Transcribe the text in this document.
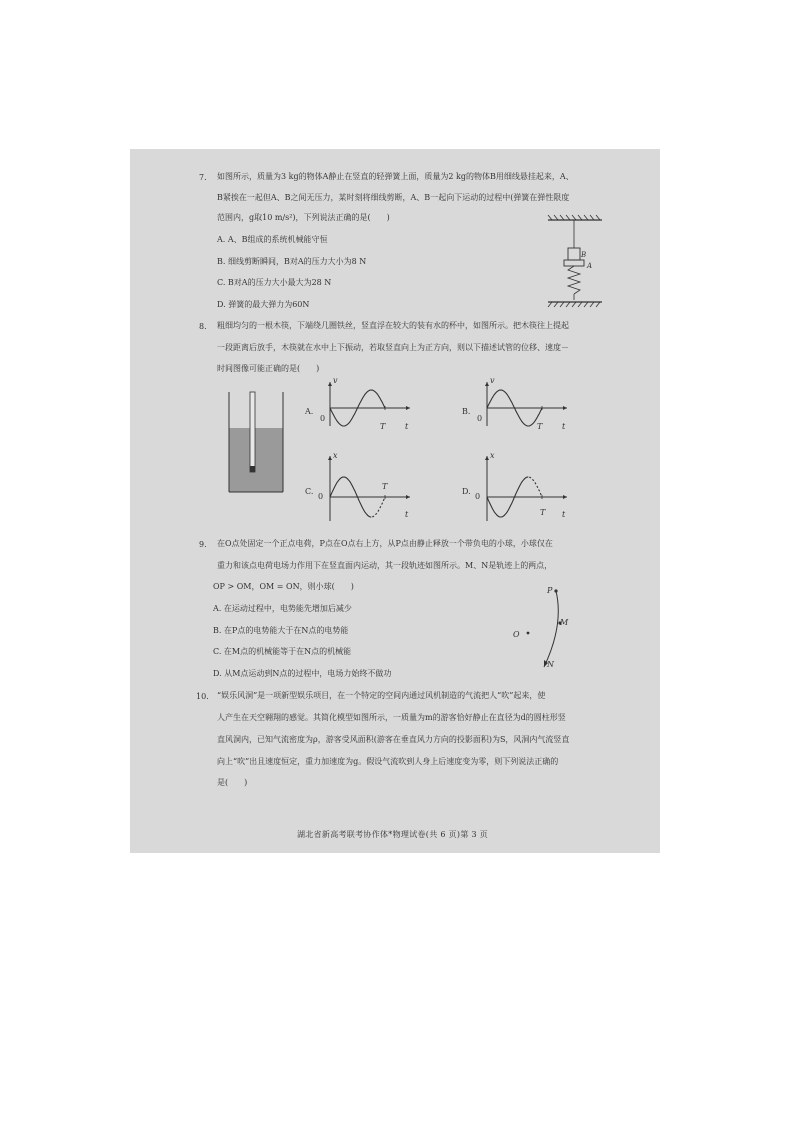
7. 如图所示，质量为3 kg的物体A静止在竖直的轻弹簧上面，质量为2 kg的物体B用细线悬挂起来，A、
B紧挨在一起但A、B之间无压力，某时刻将细线剪断，A、B一起向下运动的过程中(弹簧在弹性限度
范围内，g取10 m/s²)，下列说法正确的是(　　)
A. A、B组成的系统机械能守恒
B. 细线剪断瞬间，B对A的压力大小为8 N
C. B对A的压力大小最大为28 N
D. 弹簧的最大弹力为60N
B
A
8. 粗细均匀的一根木筷，下端绕几圈铁丝，竖直浮在较大的装有水的杯中，如图所示。把木筷往上提起
一段距离后放手，木筷就在水中上下振动，若取竖直向上为正方向，则以下描述试管的位移、速度－
时间图像可能正确的是(　　)
A.
v
0
T t
B.
v
0
T t
C.
x
0
T
t
D.
x
0
T t
9. 在O点处固定一个正点电荷，P点在O点右上方，从P点由静止释放一个带负电的小球，小球仅在
重力和该点电荷电场力作用下在竖直面内运动，其一段轨迹如图所示。M、N是轨迹上的两点，
OP > OM，OM = ON，则小球(　　)
A. 在运动过程中，电势能先增加后减少
B. 在P点的电势能大于在N点的电势能
C. 在M点的机械能等于在N点的机械能
D. 从M点运动到N点的过程中，电场力始终不做功
P
M
O
N
10. “娱乐风洞”是一项新型娱乐项目，在一个特定的空间内通过风机制造的气流把人“吹”起来，使
人产生在天空翱翔的感觉。其简化模型如图所示，一质量为m的游客恰好静止在直径为d的圆柱形竖
直风洞内，已知气流密度为ρ，游客受风面积(游客在垂直风力方向的投影面积)为S，风洞内气流竖直
向上“吹”出且速度恒定，重力加速度为g。假设气流吹到人身上后速度变为零，则下列说法正确的
是(　　)
湖北省新高考联考协作体*物理试卷(共 6 页)第 3 页
